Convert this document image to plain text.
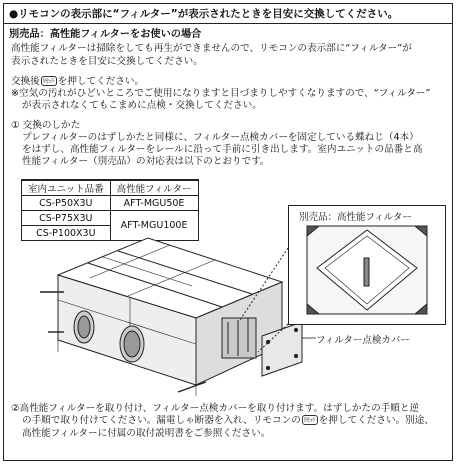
●リモコンの表示部に“フィルター”が表示されたときを目安に交換してください。
別売品：高性能フィルターをお使いの場合
高性能フィルターは掃除をしても再生ができませんので、リモコンの表示部に“フィルター”が
表示されたときを目安に交換してください。
交換後 ﾘｾｯﾄ を押してください。
※空気の汚れがひどいところでご使用になりますと目づまりしやすくなりますので、“フィルター”
が表示されなくてもこまめに点検・交換してください。
① 交換のしかた
プレフィルターのはずしかたと同様に、フィルター点検カバーを固定している蝶ねじ（4本）
をはずし、高性能フィルターをレールに沿って手前に引き出します。室内ユニットの品番と高
性能フィルター（別売品）の対応表は以下のとおりです。
室内ユニット品番	高性能フィルター
CS-P50X3U	AFT-MGU50E
CS-P75X3U	AFT-MGU100E
CS-P100X3U	
別売品：高性能フィルター
フィルター点検カバー
②高性能フィルターを取り付け、フィルター点検カバーを取り付けます。はずしかたの手順と逆
の手順で取り付けてください。漏電しゃ断器を入れ、リモコンの ﾘｾｯﾄ を押してください。別途、
高性能フィルターに付属の取付説明書をご参照ください。
